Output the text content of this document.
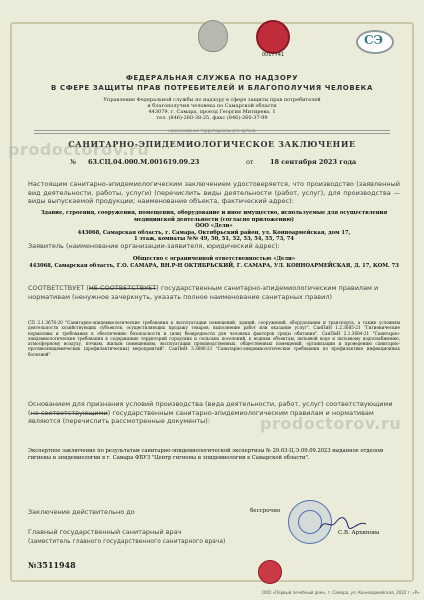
0017741
СЭ
prodoctorov.ru
ФЕДЕРАЛЬНАЯ СЛУЖБА ПО НАДЗОРУ
В СФЕРЕ ЗАЩИТЫ ПРАВ ПОТРЕБИТЕЛЕЙ И БЛАГОПОЛУЧИЯ ЧЕЛОВЕКА
Управление Федеральной службы по надзору в сфере защиты прав потребителей
и благополучия человека по Самарской области
443079, г. Самара, проезд Георгия Митирева, 1
тел. (846)-260-38-25, факс (846)-260-37-99
наименование территориального органа
САНИТАРНО-ЭПИДЕМИОЛОГИЧЕСКОЕ ЗАКЛЮЧЕНИЕ
№ 63.СЦ.04.000.М.001619.09.23	от	18 сентября 2023 года
Настоящим санитарно-эпидемиологическим заключением удостоверяется, что производство (заявленный вид деятельности, работы, услуги) (перечислить виды деятельности (работ, услуг), для производства — виды выпускаемой продукции; наименование объекта, фактический адрес):
Здание, строения, сооружения, помещения, оборудование и иное имущество, используемые для осуществления
медицинской деятельности (согласно приложению)
ООО «Дели»
443068, Самарская область, г. Самара, Октябрьский район, ул. Конноармейская, дом 17,
1 этаж, комнаты №№ 49, 50, 51, 52, 53, 54, 55, 73, 74
Заявитель (наименование организации-заявителя, юридический адрес):
Общество с ограниченной ответственностью «Дели»
443068, Самарская область, Г.О. САМАРА, ВН.Р-Н ОКТЯБРЬСКИЙ, Г. САМАРА, УЛ. КОННОАРМЕЙСКАЯ, Д. 17, КОМ. 73
СООТВЕТСТВУЕТ (НЕ СООТВЕТСТВУЕТ) государственным санитарно-эпидемиологическим правилам и нормативам (ненужное зачеркнуть, указать полное наименование санитарных правил)
СП 2.1.3678-20 "Санитарно-эпидемиологические требования к эксплуатации помещений, зданий, сооружений, оборудования и транспорта, а также условиям деятельности хозяйствующих субъектов, осуществляющих продажу товаров, выполнение работ или оказание услуг". СанПиН 1.2.3685-21 "Гигиенические нормативы и требования к обеспечению безопасности и (или) безвредности для человека факторов среды обитания". СанПиН 2.1.3684-21 "Санитарно-эпидемиологические требования к содержанию территорий городских и сельских поселений, к водным объектам, питьевой воде и питьевому водоснабжению, атмосферному воздуху, почвам, жилым помещениям, эксплуатации производственных, общественных помещений, организации и проведению санитарно-противоэпидемических (профилактических) мероприятий". СанПиН 3.3686-21 "Санитарно-эпидемиологические требования по профилактике инфекционных болезней"
Основанием для признания условий производства (вида деятельности, работ, услуг) соответствующими (не соответствующими) государственным санитарно-эпидемиологическим правилам и нормативам являются (перечислить рассмотренные документы):	prodoctorov.ru
Экспертное заключение по результатам санитарно-эпидемиологической экспертизы № 29.63-Ц.Э.09.09.2023 выданное отделом гигиены и эпидемиологии в г. Самара ФБУЗ "Центр гигиены и эпидемиологии в Самарской области".
Заключение действительно до	бессрочно
Главный государственный санитарный врач
(заместитель главного государственного санитарного врача)
С.В. Архипова
№3511948
ООО «Первый лечебный дом», г. Самара, ул. Конноармейская, 2022 г. «Р»
